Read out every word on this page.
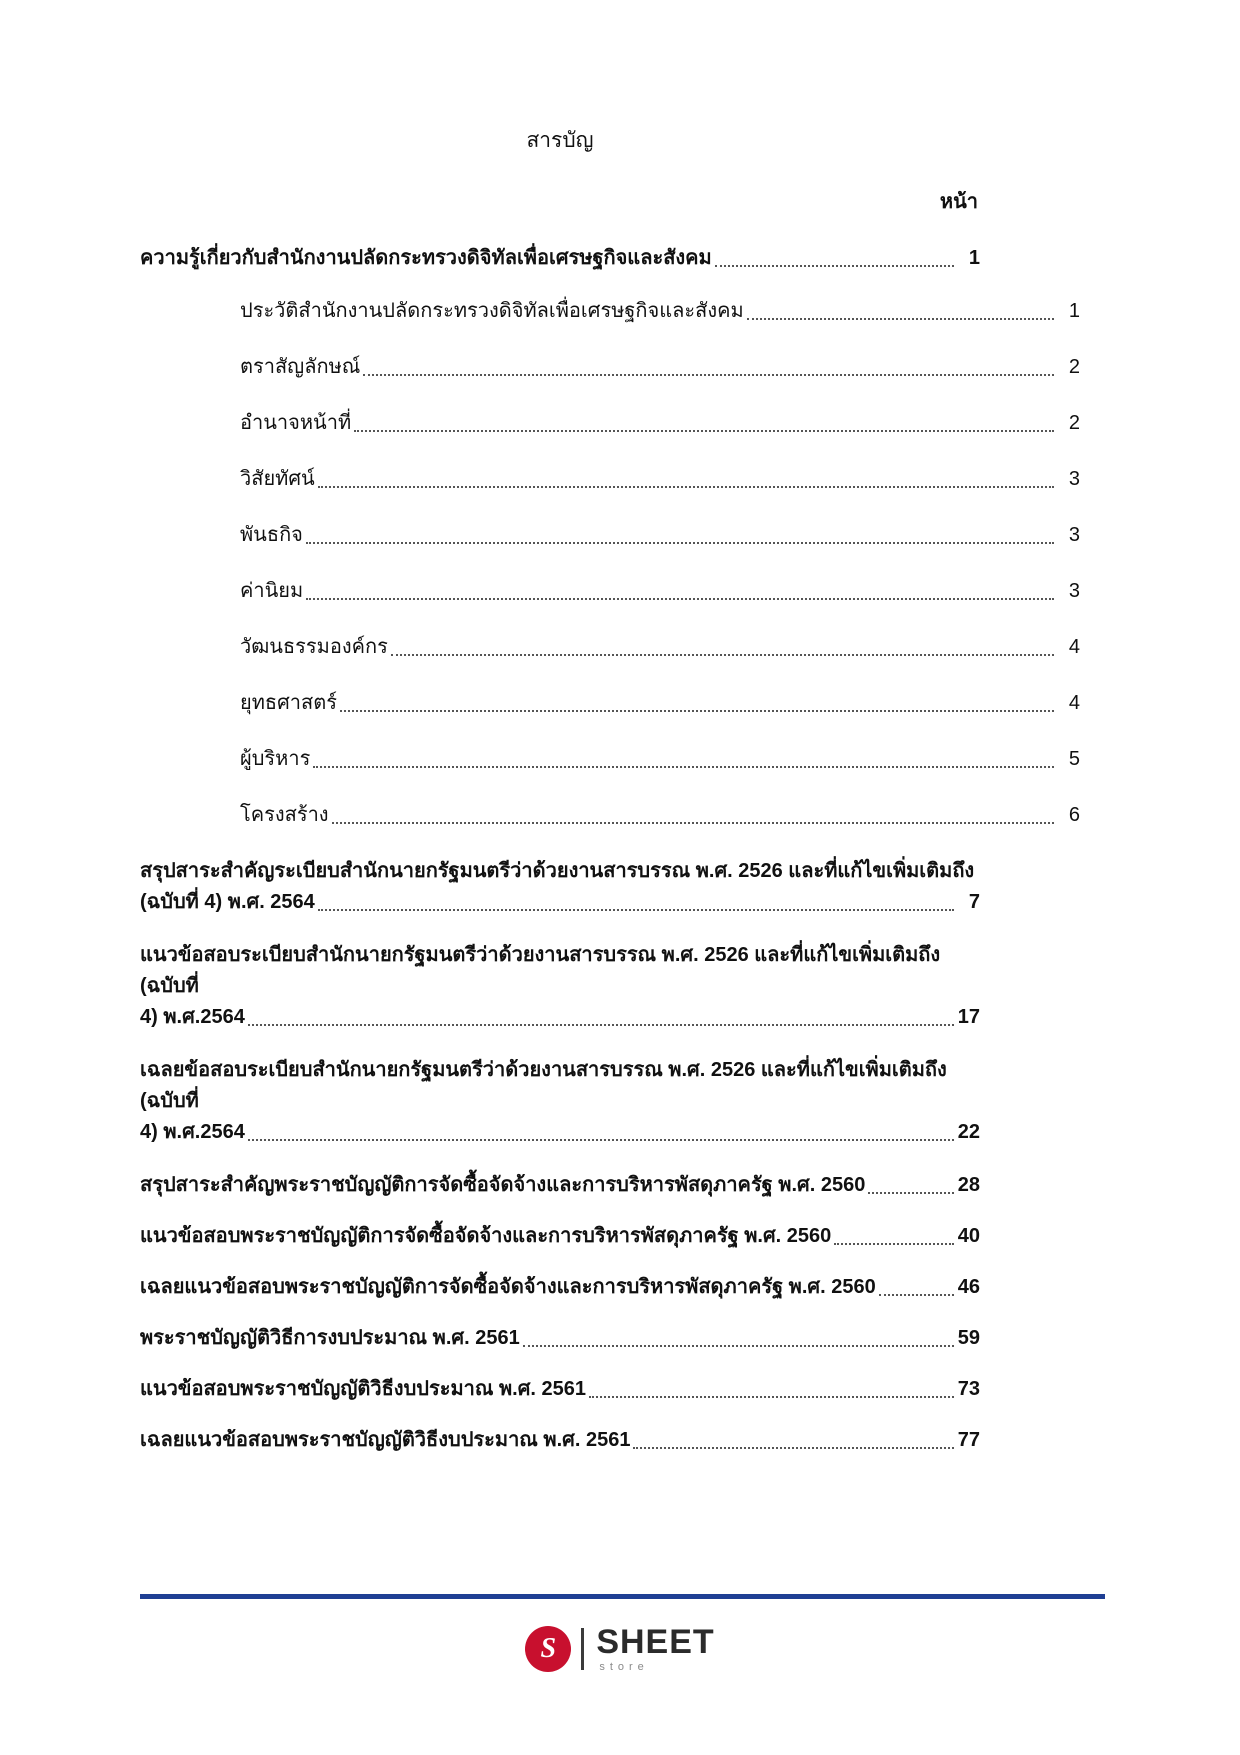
สารบัญ
หน้า
ความรู้เกี่ยวกับสำนักงานปลัดกระทรวงดิจิทัลเพื่อเศรษฐกิจและสังคม	1
ประวัติสำนักงานปลัดกระทรวงดิจิทัลเพื่อเศรษฐกิจและสังคม	1
ตราสัญลักษณ์	2
อำนาจหน้าที่	2
วิสัยทัศน์	3
พันธกิจ	3
ค่านิยม	3
วัฒนธรรมองค์กร	4
ยุทธศาสตร์	4
ผู้บริหาร	5
โครงสร้าง	6
สรุปสาระสำคัญระเบียบสำนักนายกรัฐมนตรีว่าด้วยงานสารบรรณ พ.ศ. 2526 และที่แก้ไขเพิ่มเติมถึง
(ฉบับที่ 4) พ.ศ. 2564	7
แนวข้อสอบระเบียบสำนักนายกรัฐมนตรีว่าด้วยงานสารบรรณ พ.ศ. 2526 และที่แก้ไขเพิ่มเติมถึง (ฉบับที่
4) พ.ศ.2564	17
เฉลยข้อสอบระเบียบสำนักนายกรัฐมนตรีว่าด้วยงานสารบรรณ พ.ศ. 2526 และที่แก้ไขเพิ่มเติมถึง (ฉบับที่
4) พ.ศ.2564	22
สรุปสาระสำคัญพระราชบัญญัติการจัดซื้อจัดจ้างและการบริหารพัสดุภาครัฐ พ.ศ. 2560	28
แนวข้อสอบพระราชบัญญัติการจัดซื้อจัดจ้างและการบริหารพัสดุภาครัฐ พ.ศ. 2560	40
เฉลยแนวข้อสอบพระราชบัญญัติการจัดซื้อจัดจ้างและการบริหารพัสดุภาครัฐ พ.ศ. 2560	46
พระราชบัญญัติวิธีการงบประมาณ พ.ศ. 2561	59
แนวข้อสอบพระราชบัญญัติวิธีงบประมาณ พ.ศ. 2561	73
เฉลยแนวข้อสอบพระราชบัญญัติวิธีงบประมาณ พ.ศ. 2561	77
S	SHEET
store
